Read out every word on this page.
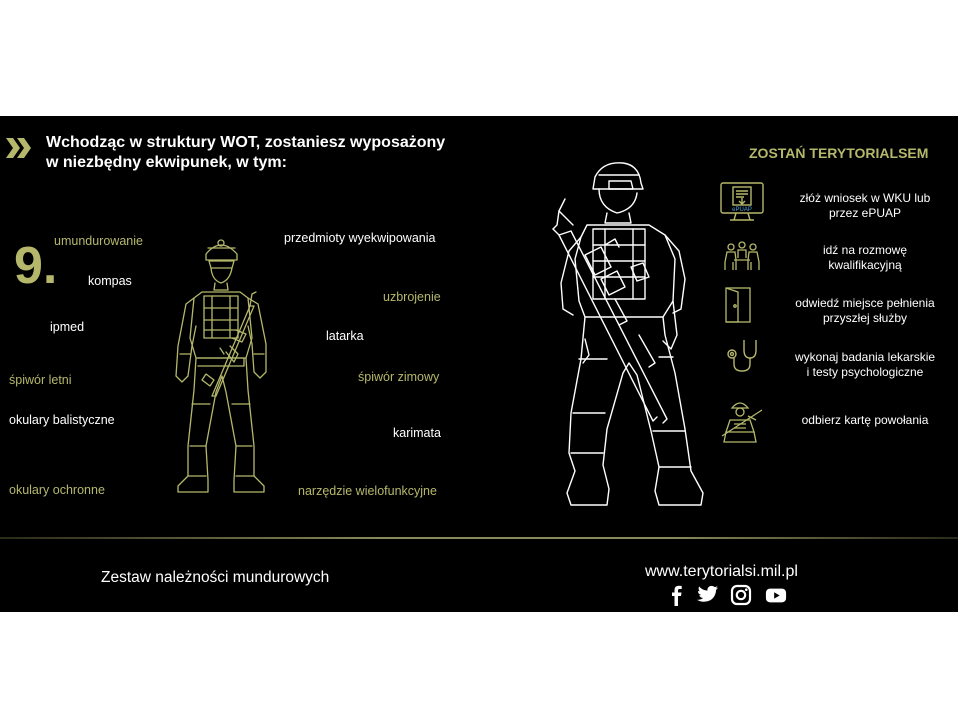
Wchodząc w struktury WOT, zostaniesz wyposażony
w niezbędny ekwipunek, w tym:
9.
umundurowanie
kompas
ipmed
śpiwór letni
okulary balistyczne
okulary ochronne
przedmioty wyekwipowania
uzbrojenie
latarka
śpiwór zimowy
karimata
narzędzie wielofunkcyjne
ZOSTAŃ TERYTORIALSEM
ePUAP
złóż wniosek w WKU lub
przez ePUAP
idź na rozmowę
kwalifikacyjną
odwiedź miejsce pełnienia
przyszłej służby
wykonaj badania lekarskie
i testy psychologiczne
odbierz kartę powołania
Zestaw należności mundurowych	www.terytorialsi.mil.pl
